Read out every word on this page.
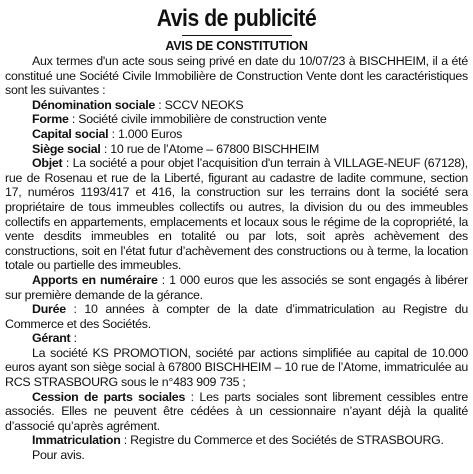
Avis de publicité
AVIS DE CONSTITUTION

Aux termes d'un acte sous seing privé en date du 10/07/23 à BISCHHEIM, il a été constitué une Société Civile Immobilière de Construction Vente dont les caractéristiques sont les suivantes :

Dénomination sociale : SCCV NEOKS

Forme : Société civile immobilière de construction vente

Capital social : 1.000 Euros

Siège social : 10 rue de l’Atome – 67800 BISCHHEIM

Objet : La société a pour objet l’acquisition d'un terrain à VILLAGE-NEUF (67128), rue de Rosenau et rue de la Liberté, figurant au cadastre de ladite commune, section 17, numéros 1193/417 et 416, la construction sur les terrains dont la société sera propriétaire de tous immeubles collectifs ou autres, la division du ou des immeubles collectifs en appartements, emplacements et locaux sous le régime de la copropriété, la vente desdits immeubles en totalité ou par lots, soit après achèvement des constructions, soit en l’état futur d’achèvement des constructions ou à terme, la location totale ou partielle des immeubles.

Apports en numéraire : 1 000 euros que les associés se sont engagés à libérer sur première demande de la gérance.

Durée : 10 années à compter de la date d’immatriculation au Registre du Commerce et des Sociétés.

Gérant :

La société KS PROMOTION, société par actions simplifiée au capital de 10.000 euros ayant son siège social à 67800 BISCHHEIM – 10 rue de l’Atome, immatriculée au RCS STRASBOURG sous le n°483 909 735 ;

Cession de parts sociales : Les parts sociales sont librement cessibles entre associés. Elles ne peuvent être cédées à un cessionnaire n’ayant déjà la qualité d’associé qu’après agrément.

Immatriculation : Registre du Commerce et des Sociétés de STRASBOURG.

Pour avis.
